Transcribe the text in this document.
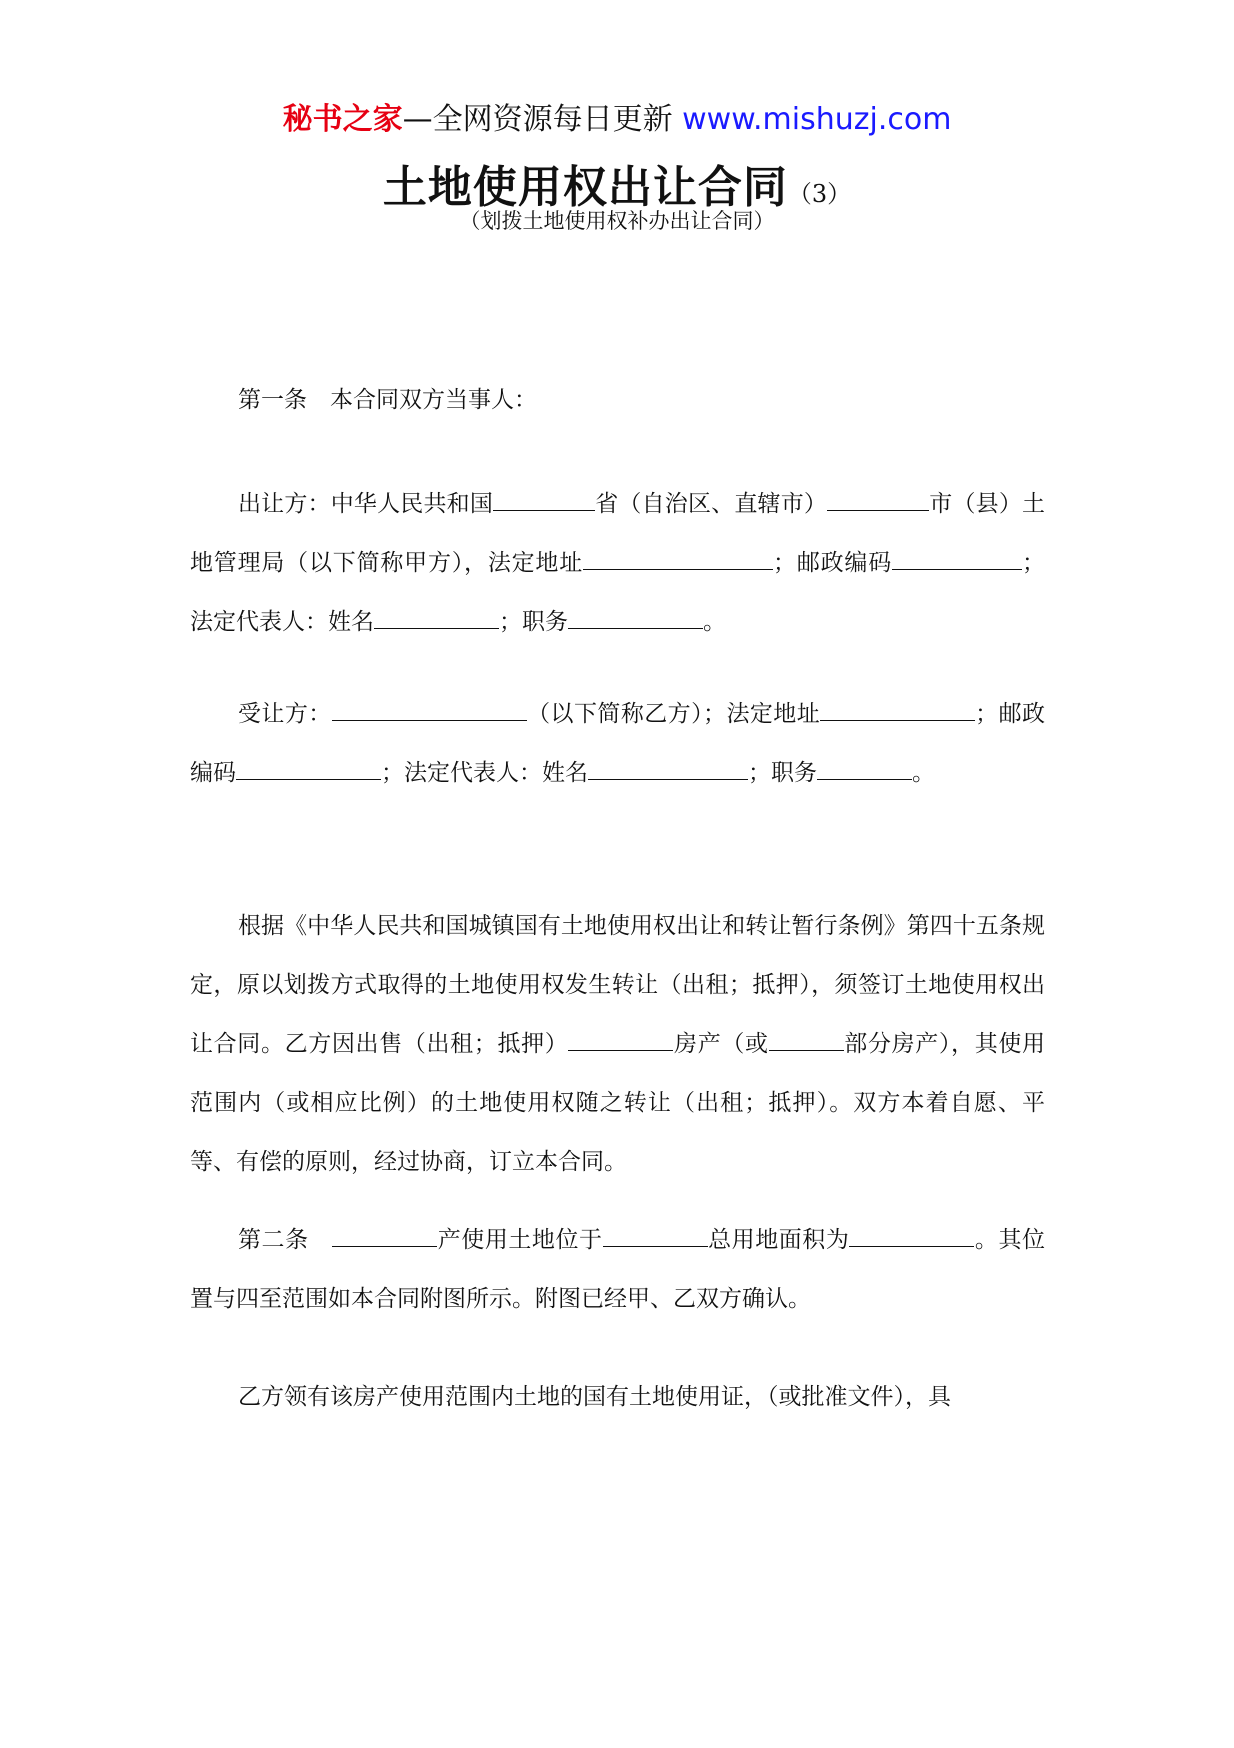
秘书之家—全网资源每日更新 www.mishuzj.com
土地使用权出让合同（3）
（划拨土地使用权补办出让合同）
第一条　本合同双方当事人：
出让方：中华人民共和国	省（自治区、直辖市）	市（县）土地管理局（以下简称甲方），法定地址	；邮政编码	；法定代表人：姓名	；职务	。
受让方：	（以下简称乙方）；法定地址	；邮政编码	；法定代表人：姓名	；职务	。
根据《中华人民共和国城镇国有土地使用权出让和转让暂行条例》第四十五条规定，原以划拨方式取得的土地使用权发生转让（出租；抵押），须签订土地使用权出让合同。乙方因出售（出租；抵押）	房产（或	部分房产），其使用范围内（或相应比例）的土地使用权随之转让（出租；抵押）。双方本着自愿、平等、有偿的原则，经过协商，订立本合同。
第二条　	产使用土地位于	总用地面积为	。其位置与四至范围如本合同附图所示。附图已经甲、乙双方确认。
乙方领有该房产使用范围内土地的国有土地使用证，（或批准文件），具
